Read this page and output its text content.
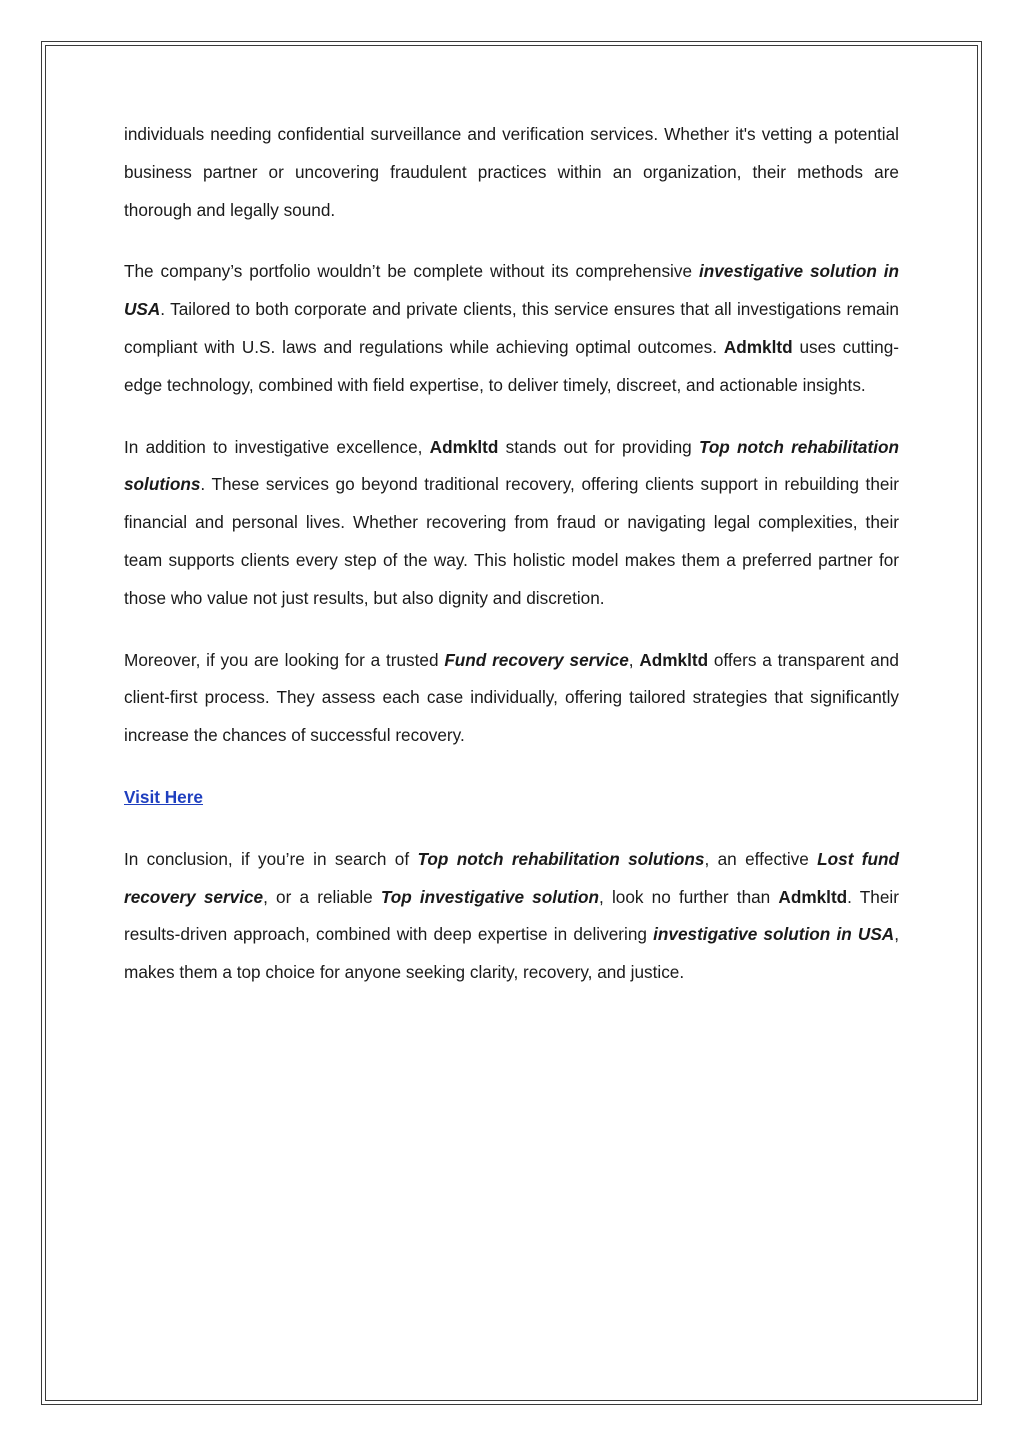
individuals needing confidential surveillance and verification services. Whether it's vetting a potential business partner or uncovering fraudulent practices within an organization, their methods are thorough and legally sound.

The company’s portfolio wouldn’t be complete without its comprehensive investigative solution in USA. Tailored to both corporate and private clients, this service ensures that all investigations remain compliant with U.S. laws and regulations while achieving optimal outcomes. Admkltd uses cutting-edge technology, combined with field expertise, to deliver timely, discreet, and actionable insights.

In addition to investigative excellence, Admkltd stands out for providing Top notch rehabilitation solutions. These services go beyond traditional recovery, offering clients support in rebuilding their financial and personal lives. Whether recovering from fraud or navigating legal complexities, their team supports clients every step of the way. This holistic model makes them a preferred partner for those who value not just results, but also dignity and discretion.

Moreover, if you are looking for a trusted Fund recovery service, Admkltd offers a transparent and client-first process. They assess each case individually, offering tailored strategies that significantly increase the chances of successful recovery.

Visit Here

In conclusion, if you’re in search of Top notch rehabilitation solutions, an effective Lost fund recovery service, or a reliable Top investigative solution, look no further than Admkltd. Their results-driven approach, combined with deep expertise in delivering investigative solution in USA, makes them a top choice for anyone seeking clarity, recovery, and justice.
